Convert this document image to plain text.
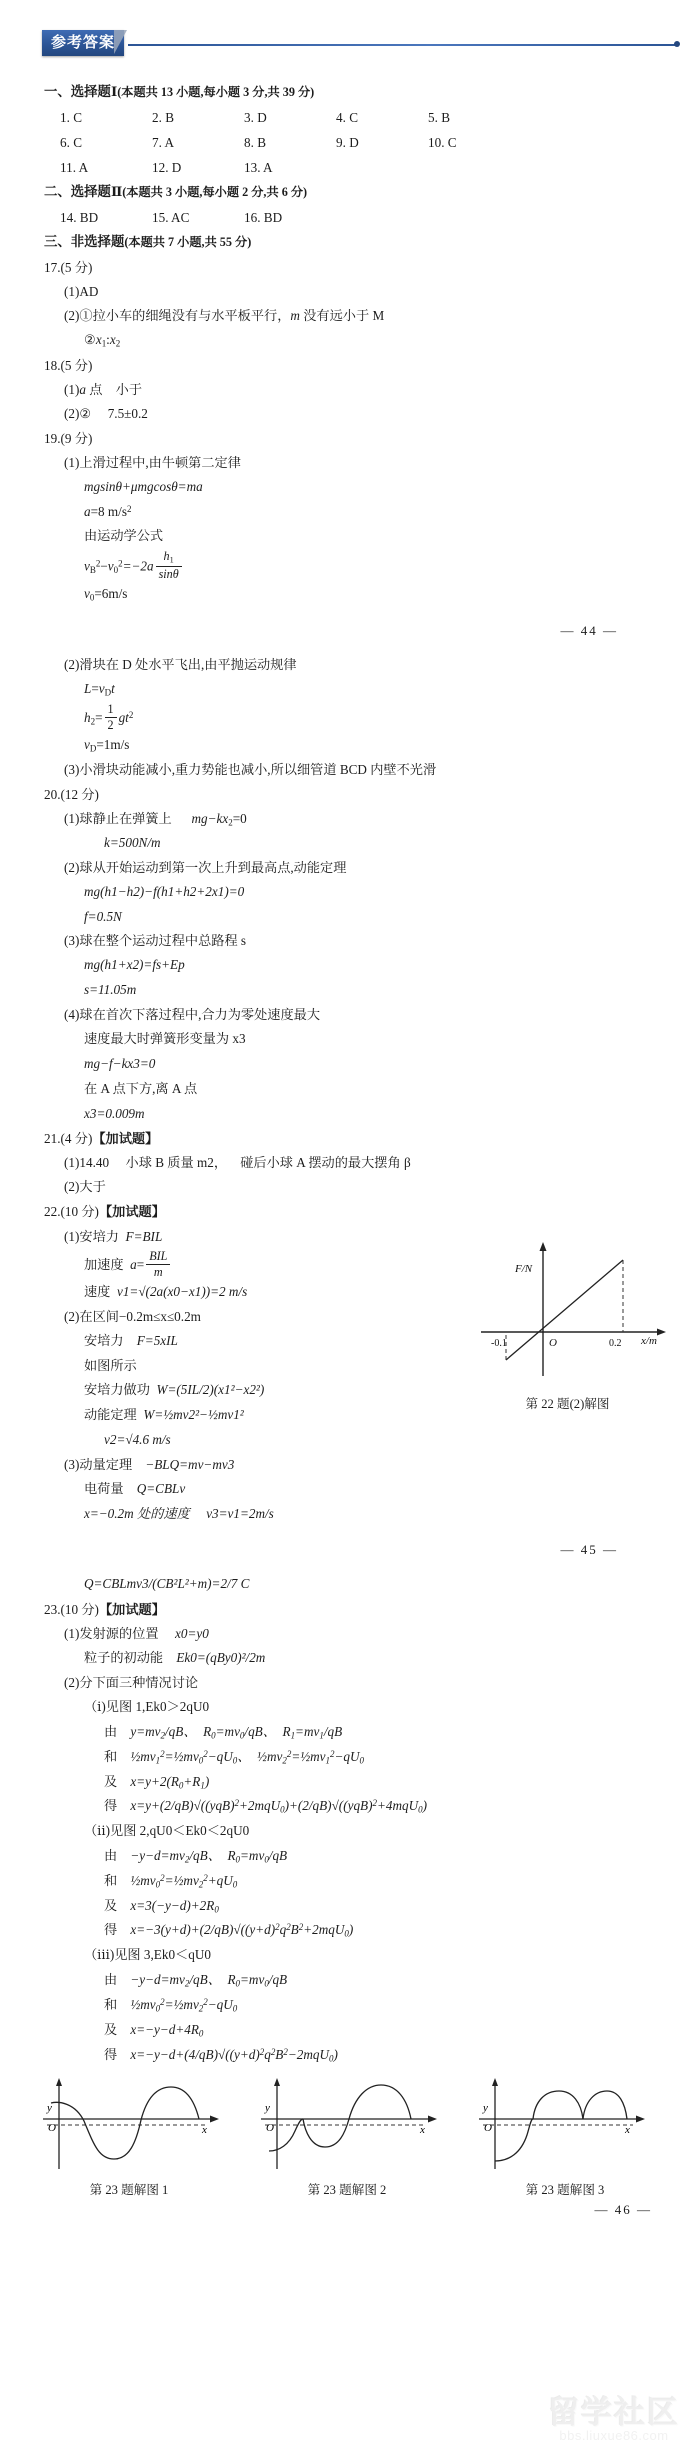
参考答案
一、选择题Ⅰ(本题共 13 小题,每小题 3 分,共 39 分)
1. C	2. B	3. D	4. C	5. B
6. C	7. A	8. B	9. D	10. C
11. A	12. D	13. A
二、选择题Ⅱ(本题共 3 小题,每小题 2 分,共 6 分)
14. BD	15. AC	16. BD
三、非选择题(本题共 7 小题,共 55 分)
17.(5 分)
(1)AD
(2)①拉小车的细绳没有与水平板平行，m 没有远小于 M
$②x_1:x_2$
18.(5 分)
(1)a 点 小于
(2)② 7.5±0.2
19.(9 分)
(1)上滑过程中,由牛顿第二定律
mgsinθ+μmgcosθ=ma
a=8 $m/s^2$
由运动学公式
$v_B^2-v_0^2=-2a \frac{h_1}{\sin\theta}$
$v_0=6m/s$
— 44 —
(2)滑块在 D 处水平飞出,由平抛运动规律
$L=v_Dt$
$h_2= \frac{1}{2} gt^2$
$v_D=1m/s$
(3)小滑块动能减小,重力势能也减小,所以细管道 BCD 内壁不光滑
20.(12 分)
(1)球静止在弹簧上 $mg-kx_2=0$
k=500N/m
(2)球从开始运动到第一次上升到最高点,动能定理
mg(h1−h2)−f(h1+h2+2x1)=0
f=0.5N
(3)球在整个运动过程中总路程 s
mg(h1+x2)=fs+Ep
s=11.05m
(4)球在首次下落过程中,合力为零处速度最大
速度最大时弹簧形变量为 x3
mg−f−kx3=0
在 A 点下方,离 A 点
x3=0.009m
21.(4 分)【加试题】
(1)14.40 小球 B 质量 m2， 碰后小球 A 摆动的最大摆角 β
(2)大于
22.(10 分)【加试题】
(1)安培力 F=BIL
加速度 $a= \frac{\text{BIL}}{m}$
速度 v1=√(2a(x0−x1))=2 m/s
(2)在区间−0.2m≤x≤0.2m
安培力 F=5xIL
如图所示
安培力做功 W=(5IL/2)(x1²−x2²)
动能定理 W=½mv2²−½mv1²
v2=√4.6 m/s
(3)动量定理 −BLQ=mv−mv3
电荷量 Q=CBLv
x=−0.2m 处的速度 v3=v1=2m/s
F/N
x/m
O
-0.1	0.2
第 22 题(2)解图
— 45 —
Q=CBLmv3/(CB²L²+m)=2/7 C
23.(10 分)【加试题】
(1)发射源的位置 x0=y0
粒子的初动能 Ek0=(qBy0)²/2m
(2)分下面三种情况讨论
（ⅰ)见图 1,Ek0＞2qU0
由 $y=mv_2/qB$、  $R_0=mv_0/qB$、  $R_1=mv_1/qB$
和 $\frac{1}{2}mv_1^2=\frac{1}{2}mv_0^2-qU_0$、  $\frac{1}{2}mv_2^2=\frac{1}{2}mv_1^2-qU_0$
及 $x=y+2(R_0+R_1)$
得 x=y+(2/qB)√((yqB)$^2$+2mqU$_0$)+(2/qB)√((yqB)$^2$+4mqU$_0$)
（ⅱ)见图 2,qU0＜Ek0＜2qU0
由 $-y-d=mv_2/qB$、  $R_0=mv_0/qB$
和 $\frac{1}{2}mv_0^2=\frac{1}{2}mv_2^2+qU_0$
及 $x=3(-y-d)+2R_0$
得 $x=-3(y+d)+(2/qB)√((y+d)^2q^2B^2+2mqU_0)$
（ⅲ)见图 3,Ek0＜qU0
由 $-y-d=mv_2/qB$、  $R_0=mv_0/qB$
和 $\frac{1}{2}mv_0^2=\frac{1}{2}mv_2^2-qU_0$
及 $x=-y-d+4R_0$
得 $x=-y-d+(4/qB)√((y+d)^2q^2B^2-2mqU_0)$
y
x
O
第 23 题解图 1
y
x
O
第 23 题解图 2
y
x
O
第 23 题解图 3
— 46 —
留学社区
bbs.liuxue86.com
